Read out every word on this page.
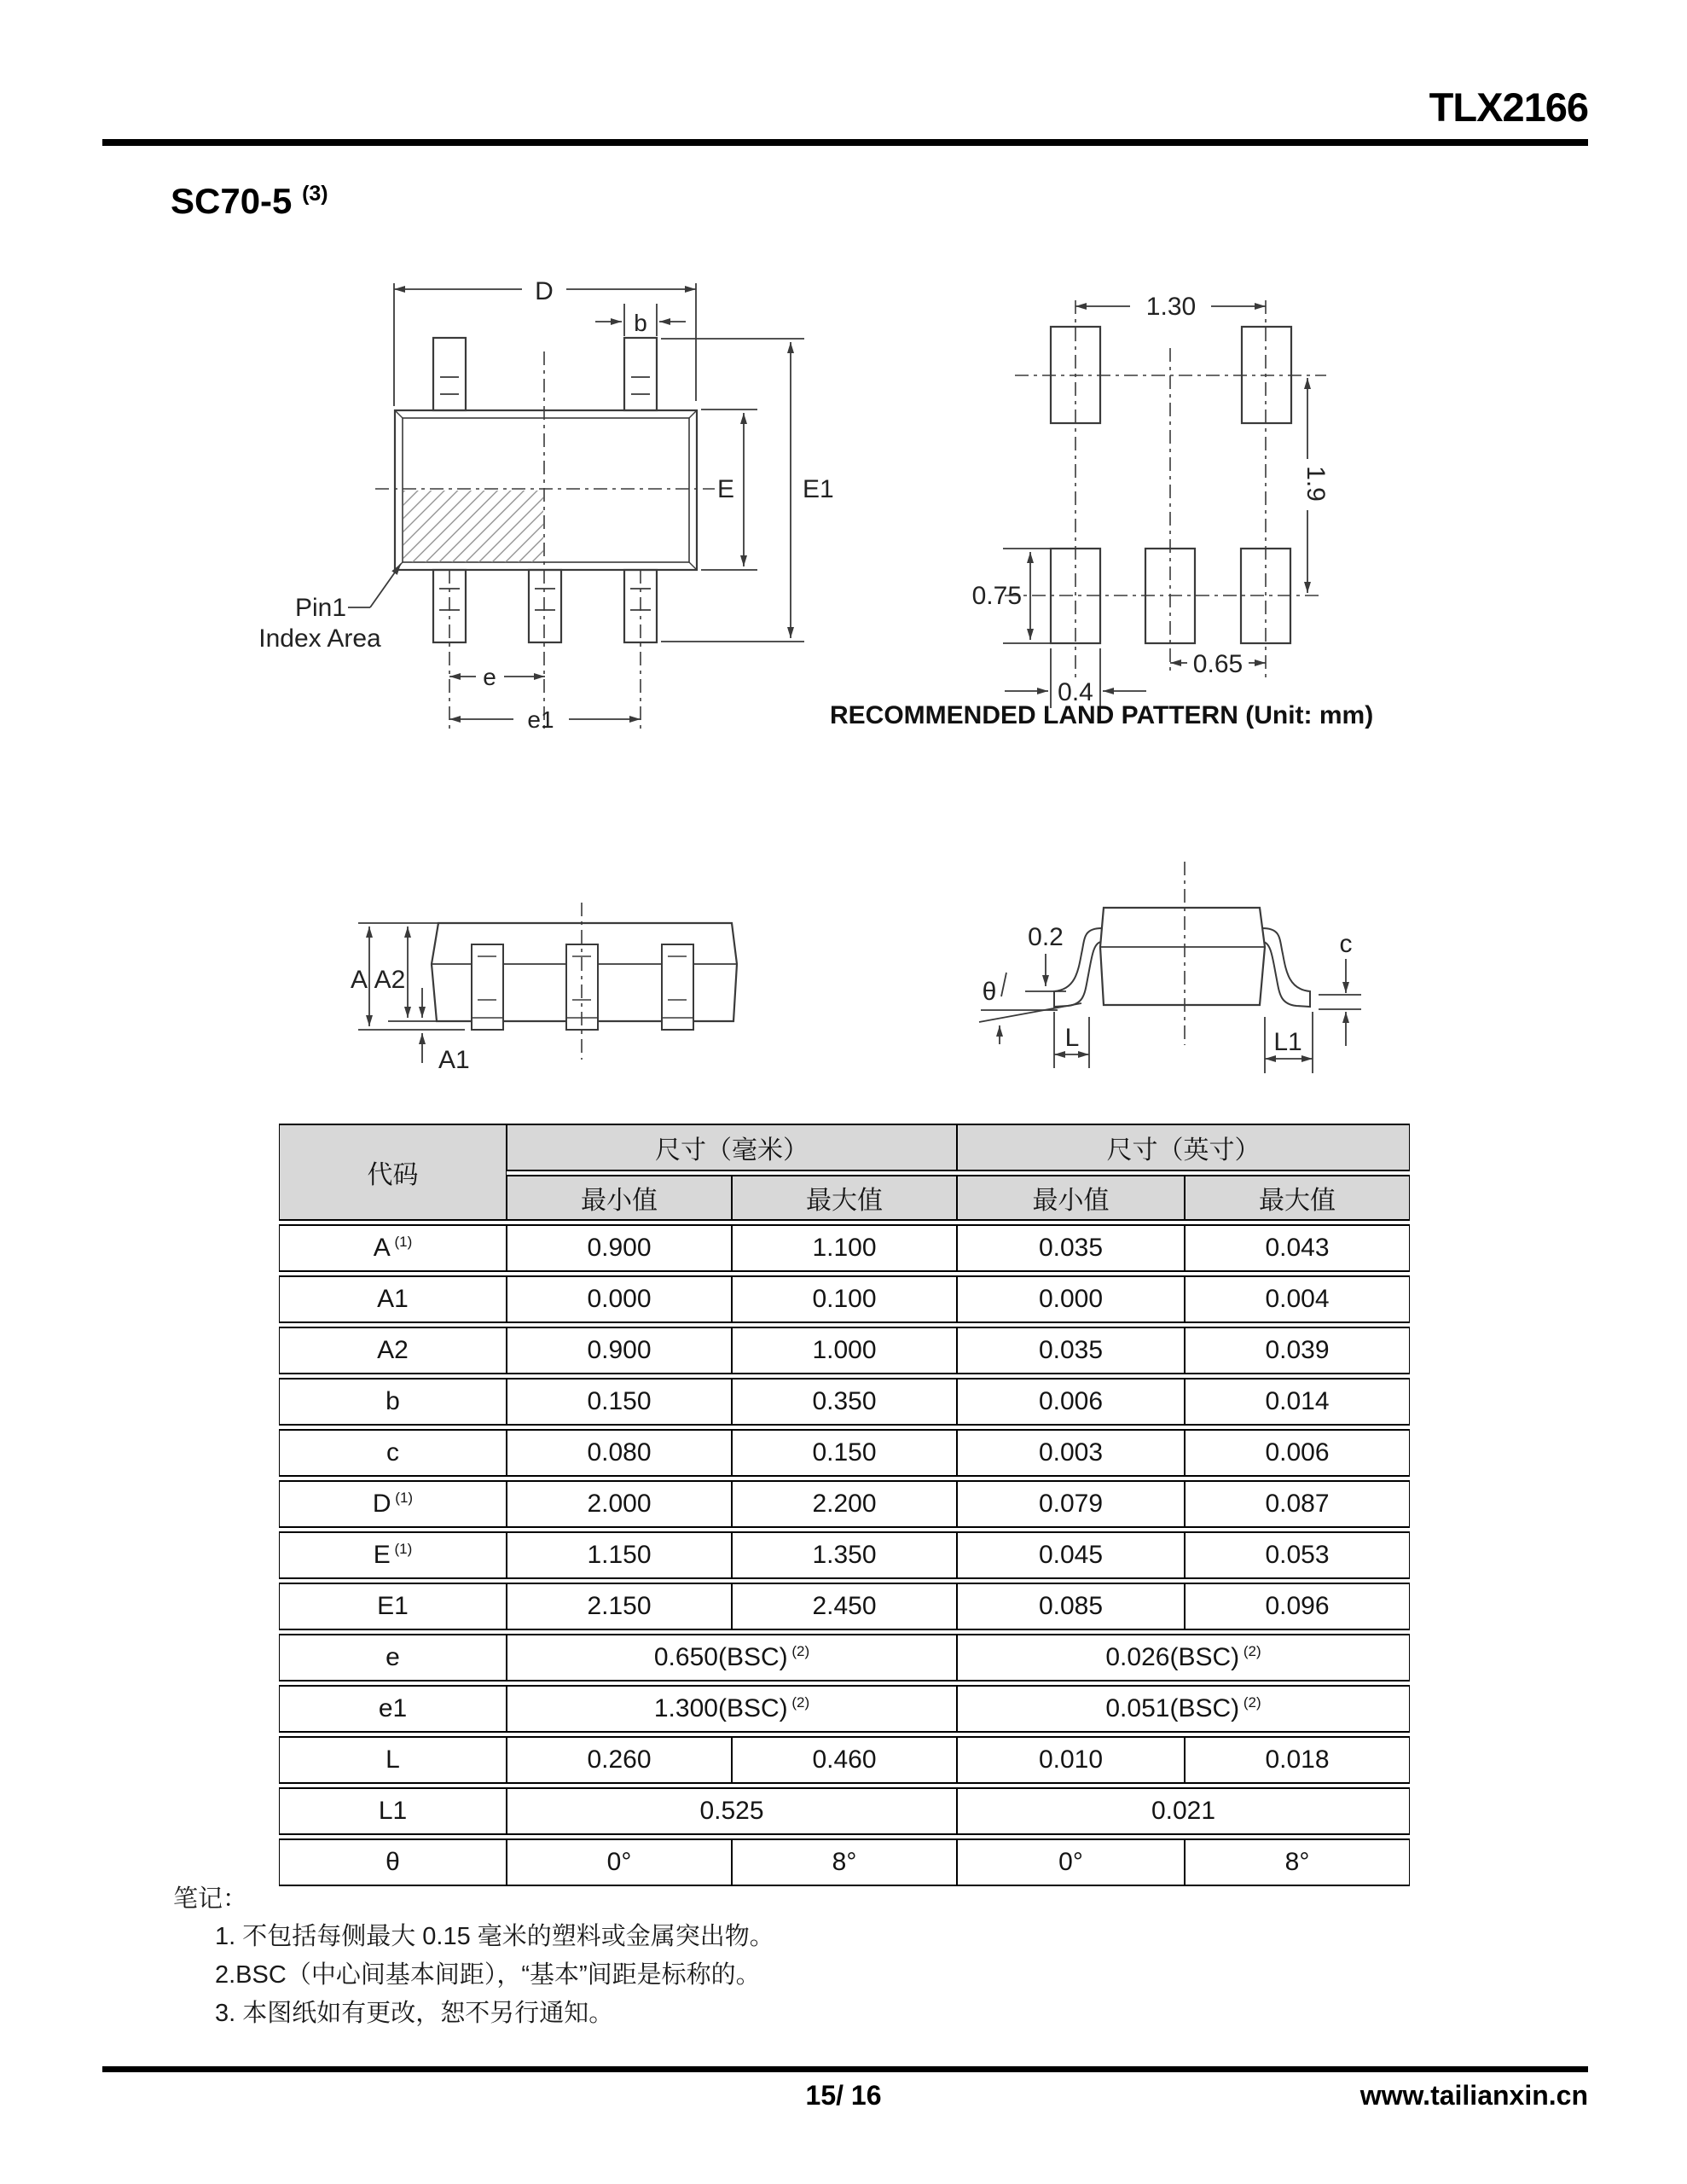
TLX2166
SC70-5 $^{(3)}$
D
b
E	E1
e
e1
Pin1
Index Area
1.30
1.9
0.75
0.4
0.65
RECOMMENDED LAND PATTERN (Unit: mm)
A A2
A1
0.2
θ
L	L1
c
代码	尺寸（毫米）		尺寸（英寸）	
	最小值	最大值	最小值	最大值
A $^{(1)}$	0.900	1.100	0.035	0.043
A1	0.000	0.100	0.000	0.004
A2	0.900	1.000	0.035	0.039
b	0.150	0.350	0.006	0.014
c	0.080	0.150	0.003	0.006
D $^{(1)}$	2.000	2.200	0.079	0.087
E $^{(1)}$	1.150	1.350	0.045	0.053
E1	2.150	2.450	0.085	0.096
e	0.650(BSC) $^{(2)}$		0.026(BSC) $^{(2)}$
e1	1.300(BSC) $^{(2)}$		0.051(BSC) $^{(2)}$
L	0.260	0.460	0.010	0.018
L1	0.525		0.021	
θ	0°	8°	0°	8°
笔记：
1. 不包括每侧最大 0.15 毫米的塑料或金属突出物。
2.BSC（中心间基本间距），“基本”间距是标称的。
3. 本图纸如有更改，恕不另行通知。
15/ 16	www.tailianxin.cn
